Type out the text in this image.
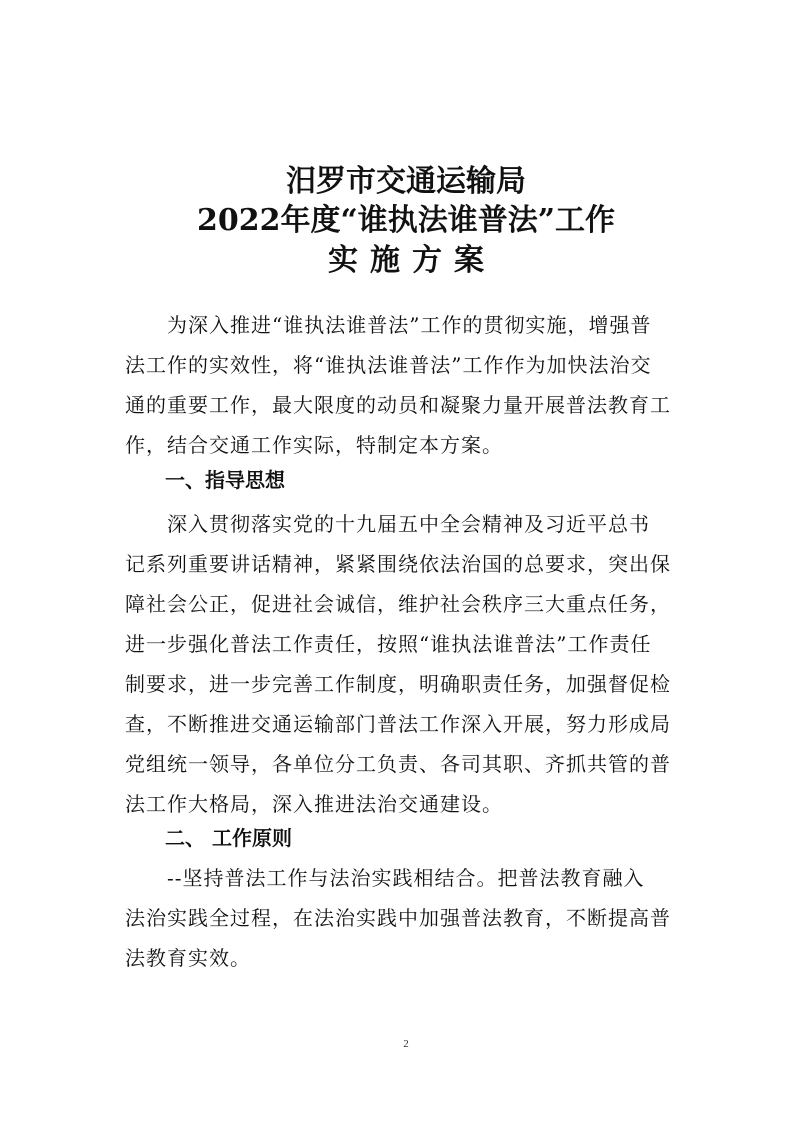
汨罗市交通运输局
2022年度“谁执法谁普法”工作
实施方案
　　为深入推进“谁执法谁普法”工作的贯彻实施，增强普
法工作的实效性，将“谁执法谁普法”工作作为加快法治交
通的重要工作，最大限度的动员和凝聚力量开展普法教育工
作，结合交通工作实际，特制定本方案。
一、指导思想
　　深入贯彻落实党的十九届五中全会精神及习近平总书
记系列重要讲话精神，紧紧围绕依法治国的总要求，突出保
障社会公正，促进社会诚信，维护社会秩序三大重点任务，
进一步强化普法工作责任，按照“谁执法谁普法”工作责任
制要求，进一步完善工作制度，明确职责任务，加强督促检
查，不断推进交通运输部门普法工作深入开展，努力形成局
党组统一领导，各单位分工负责、各司其职、齐抓共管的普
法工作大格局，深入推进法治交通建设。
二、 工作原则
　　--坚持普法工作与法治实践相结合。把普法教育融入
法治实践全过程，在法治实践中加强普法教育，不断提高普
法教育实效。
2
